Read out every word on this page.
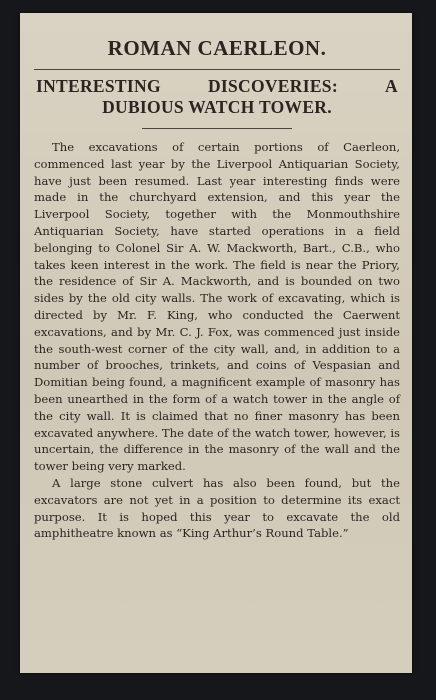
ROMAN CAERLEON.
INTERESTING	DISCOVERIES:	A
DUBIOUS WATCH TOWER.

The excavations of certain portions of Caerleon, commenced last year by the Liverpool Antiquarian Society, have just been resumed. Last year interesting finds were made in the churchyard extension, and this year the Liverpool Society, together with the Monmouthshire Antiquarian Society, have started operations in a field belonging to Colonel Sir A. W. Mackworth, Bart., C.B., who takes keen interest in the work. The field is near the Priory, the residence of Sir A. Mackworth, and is bounded on two sides by the old city walls. The work of excavating, which is directed by Mr. F. King, who conducted the Caerwent excavations, and by Mr. C. J. Fox, was commenced just inside the south-west corner of the city wall, and, in addition to a number of brooches, trinkets, and coins of Vespasian and Domitian being found, a magnificent example of masonry has been unearthed in the form of a watch tower in the angle of the city wall. It is claimed that no finer masonry has been excavated anywhere. The date of the watch tower, however, is uncertain, the difference in the masonry of the wall and the tower being very marked.

A large stone culvert has also been found, but the excavators are not yet in a position to determine its exact purpose. It is hoped this year to excavate the old amphitheatre known as “King Arthur’s Round Table.”
